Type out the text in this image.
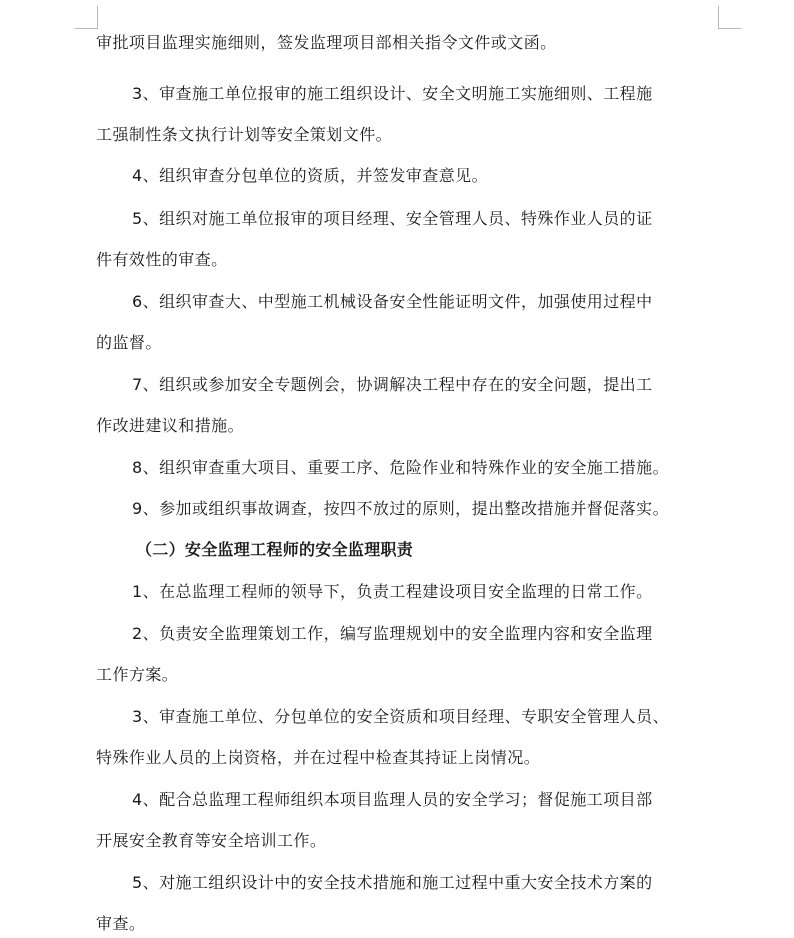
审批项目监理实施细则，签发监理项目部相关指令文件或文函。
3、审查施工单位报审的施工组织设计、安全文明施工实施细则、工程施
工强制性条文执行计划等安全策划文件。
4、组织审查分包单位的资质，并签发审查意见。
5、组织对施工单位报审的项目经理、安全管理人员、特殊作业人员的证
件有效性的审查。
6、组织审查大、中型施工机械设备安全性能证明文件，加强使用过程中
的监督。
7、组织或参加安全专题例会，协调解决工程中存在的安全问题，提出工
作改进建议和措施。
8、组织审查重大项目、重要工序、危险作业和特殊作业的安全施工措施。
9、参加或组织事故调查，按四不放过的原则，提出整改措施并督促落实。
（二）安全监理工程师的安全监理职责
1、在总监理工程师的领导下，负责工程建设项目安全监理的日常工作。
2、负责安全监理策划工作，编写监理规划中的安全监理内容和安全监理
工作方案。
3、审查施工单位、分包单位的安全资质和项目经理、专职安全管理人员、
特殊作业人员的上岗资格，并在过程中检查其持证上岗情况。
4、配合总监理工程师组织本项目监理人员的安全学习；督促施工项目部
开展安全教育等安全培训工作。
5、对施工组织设计中的安全技术措施和施工过程中重大安全技术方案的
审查。
